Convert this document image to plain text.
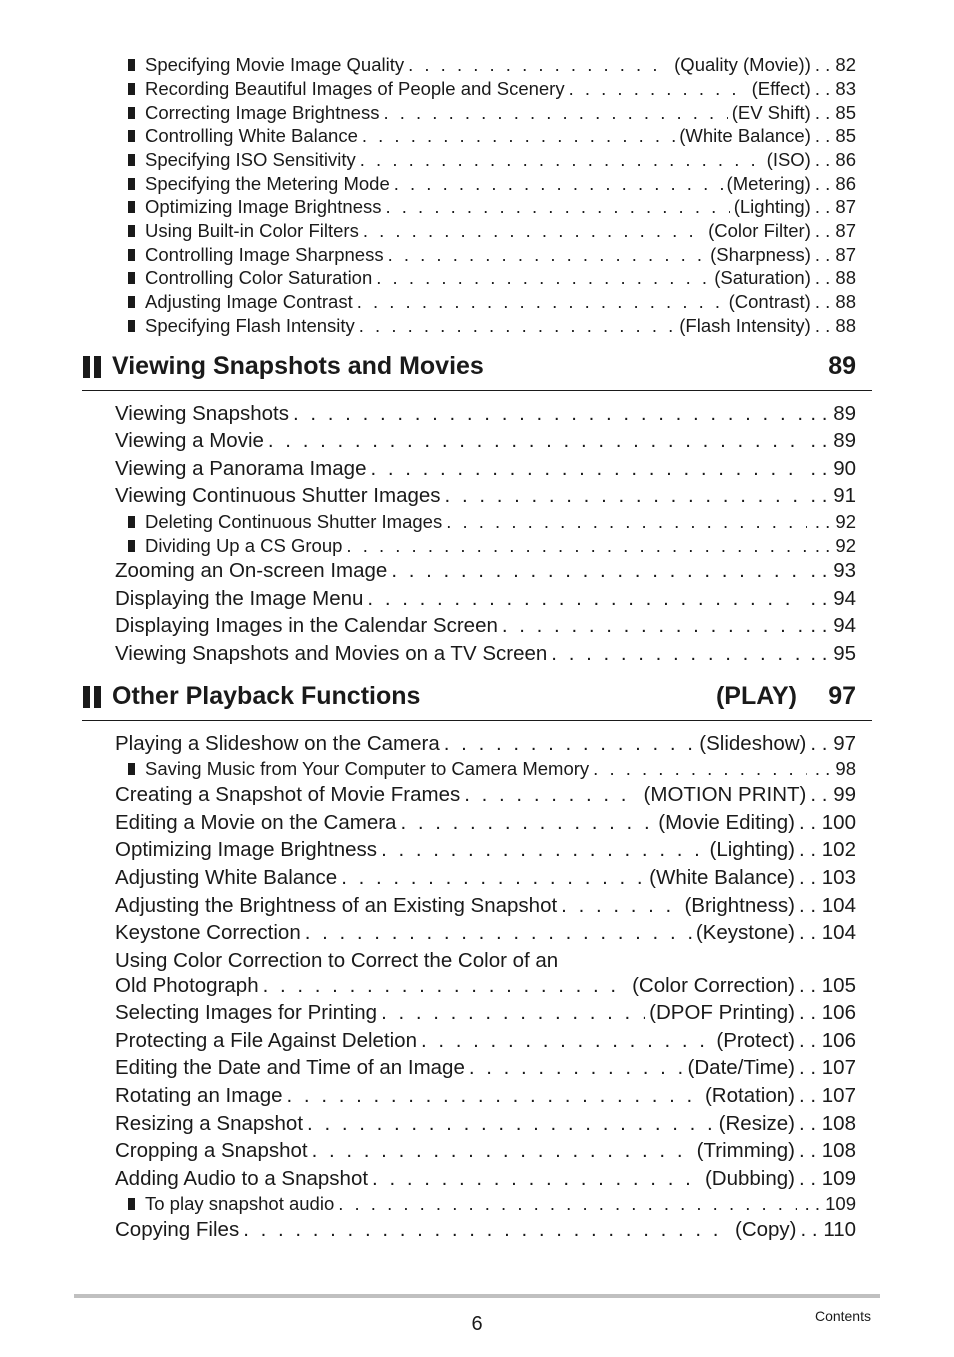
Specifying Movie Image Quality . . .	(Quality (Movie))	. . 82
Recording Beautiful Images of People and Scenery . . .	(Effect)	. . 83
Correcting Image Brightness . . .	(EV Shift)	. . 85
Controlling White Balance . . .	(White Balance)	. . 85
Specifying ISO Sensitivity . . .	(ISO)	. . 86
Specifying the Metering Mode . . .	(Metering)	. . 86
Optimizing Image Brightness . . .	(Lighting)	. . 87
Using Built-in Color Filters . . .	(Color Filter)	. . 87
Controlling Image Sharpness . . .	(Sharpness)	. . 87
Controlling Color Saturation . . .	(Saturation)	. . 88
Adjusting Image Contrast . . .	(Contrast)	. . 88
Specifying Flash Intensity . . .	(Flash Intensity)	. . 88
Viewing Snapshots and Movies	89
Viewing Snapshots . . .	. . 89
Viewing a Movie . . .	. . 89
Viewing a Panorama Image . . .	. . 90
Viewing Continuous Shutter Images . . .	. . 91
Deleting Continuous Shutter Images . . .	. . 92
Dividing Up a CS Group . . .	. . 92
Zooming an On-screen Image . . .	. . 93
Displaying the Image Menu . . .	. . 94
Displaying Images in the Calendar Screen . . .	. . 94
Viewing Snapshots and Movies on a TV Screen . . .	. . 95
Other Playback Functions	(PLAY) 97
Playing a Slideshow on the Camera . . .	(Slideshow)	. . 97
Saving Music from Your Computer to Camera Memory . . .	. . 98
Creating a Snapshot of Movie Frames . . .	(MOTION PRINT)	. . 99
Editing a Movie on the Camera . . .	(Movie Editing)	. . 100
Optimizing Image Brightness . . .	(Lighting)	. . 102
Adjusting White Balance . . .	(White Balance)	. . 103
Adjusting the Brightness of an Existing Snapshot . . .	(Brightness)	. . 104
Keystone Correction . . .	(Keystone)	. . 104
Using Color Correction to Correct the Color of an
Old Photograph . . .	(Color Correction)	. . 105
Selecting Images for Printing . . .	(DPOF Printing)	. . 106
Protecting a File Against Deletion . . .	(Protect)	. . 106
Editing the Date and Time of an Image . . .	(Date/Time)	. . 107
Rotating an Image . . .	(Rotation)	. . 107
Resizing a Snapshot . . .	(Resize)	. . 108
Cropping a Snapshot . . .	(Trimming)	. . 108
Adding Audio to a Snapshot . . .	(Dubbing)	. . 109
To play snapshot audio . . .	. . 109
Copying Files . . .	(Copy)	. . 110
6	Contents
